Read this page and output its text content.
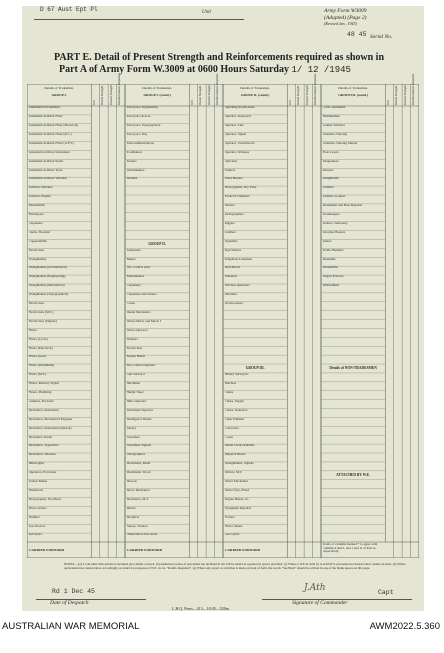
D 67 Aust Ept Pl	Unit	Army Form W3009
(Adapted) (Page 2)
(Revised Jan., 1943)
48 45 Serial No.
PART E. Detail of Present Strength and Reinforcements required as shown in
Part A of Army Form W.3009 at 0600 Hours Saturday 1/ 12 /1945
Details of Tradesmen.
GROUP I.
W.E.	Posted Strength.	Present Strength.	Reinforcements Required.
Ammunition Examiners
Armament Artificer Fitter
Armament Artificer Fitter (Electrical)
Armament Artificer Fitter (R.C.)
Armament Artificer Fitter (A.F.V.)
Armament Artificer Instrument
Armament Artificer Radio
Armament Artificer Tyres
Armament Artificer Wireless
Artificer, Wireless
Artificer, Engine
Blacksmiths
Bricklayers
Carpenters
Clerks, Hospital
Coppersmiths
Electricians
Draughtsmen
Draughtsmen (Architectural)
Draughtsmen (Engineering)
Draughtsmen (Mechanical)
Draughtsmen (Topographical)
Electricians
Electricians (M.T.)
Electricians (Signals)
Fitters
Fitters (Cycle)
Fitters (Electrical)
Fitters (Gun)
Fitters (Instrument)
Fitters (M.T.)
Fitters, Railway Signal
Fitters, Plumbing
Grinders, Precision
Mechanics, Instrument
Mechanics, Mechanical Engineer
Mechanics, Instrument (Optical)
Mechanics, Radio
Mechanics, Typewriter
Mechanics, Wireless
Millwrights
Operators, Excavator
Pattern Maker
Pharmacist
Photographer, Not Photo
Photo-etchers
Plumber
Saw Doctors
Surveyors
CARRIED FORWARD
Details of Tradesmen.
GROUP I. (contd.)
W.E.	Posted Strength.	Present Strength.	Reinforcements Required.
Surveyors, Engineering
Surveyors, R.A.A.
Surveyors, Topographical
Surveyors, Trig
Telecommunications
Toolmakers
Turners
Watchmakers
Welders
GROUP II.
Armourers
Bakers
Drv. Cond'rs Asst.
Boilermakers
Carpenters
Carpenters and Joiners
Cooks
Dental Mechanics
Driver-Mech. and Mech. I
Driver-Operator
Drainers
Electricians
Engine Hands
Fire Control Operator
Gun Surveyor
Hatchman
Height Taker
Helio Operator
Instrument Operator
Intelligence Duties
Joinery
Linesmen
Linesmen, Signals
Lithographers
Machinists, Metal
Machinists, Wood
Masons
Motor Mechanics
Mechanics, M.T.
Miners
Moulders
Nurses, Trained
Observation Post Assts.
CARRIED FORWARD
Details of Tradesmen.
GROUP II. (contd.)
W.E.	Posted Strength.	Present Strength.	Reinforcements Required.
Operating Room Assts.
Operator, Keyboard
Operator, Line
Operator, Signal
Operator, Switchboard
Operator, Wireless
Opticians
Painters
Panel Beaters
Photographer, Dry Plate
Predictor Numbers
Printers
Radiographers
Riggers
Saddlers
Signallers
Sign Writers
Telephone Linesmen
Well Borers
Wheelers
Wireless Operators
Wiremen
Woodworkers
GROUP III.
Battery Surveyors
Butchers
Clerks
Clerks, Supply
Clerks, Technical
Clerk Trimmer
Concreters
Cooks
Dental Clerk Orderlies
Dispatch Riders
Draughtsmen, Signals
Drivers, M.T.
Driver Mechanics
Driver Tyre, Fixed
Engine Hands, I.C.
Equipment Repairer
Farriers
Fitters' Mates
Gas Layers
CARRIED FORWARD
Details of Tradesmen.
GROUP III. (contd.)
W.E.	Posted Strength.	Present Strength.	Reinforcements Required.
G.P.O. Assistants
Hammermen
Leather Stitchers
Orderlies, Nursing
Orderlies, Nursing Mental
Plate Layers
Rangetakers
Riveters
Roughriders
Saddlers
Saddlers workers
Shoemaker and Boot Repairer
Storekeepers
Stokers, Stationary
Stretcher Bearers
Tailors
Traffic Builders
Tinsmiths
Tubesmiths
Wagon Erectors
Whitesmiths
Details of NON-TRADESMEN
ATTACHED BY W.E.
Totals of columns marked * to agree with columns 4 and 5, and 1 and 11 of Part A, respectively.
NOTES.—(a) T rain other than private is included give details on back. (b) Authorised scales of specialists not included in list will be added as required in spaces provided. (c) Where a W.E.O. held by A.A.M.W.S. personnel not desired show details on back. (d) Where replacement not desired show accordingly on return for purposes of W.E. in col. "Reinfs. Required". (e) Where any report or activities is made on back of form, the words "See Back" should be written in one of the blank spaces on this page.
Rd 1 Dec 45
Date of Despatch
J.Ath	Capt
Signature of Commander
L.H.Q. Press—413—10/45—520m.
AUSTRALIAN WAR MEMORIAL	AWM2022.5.360
